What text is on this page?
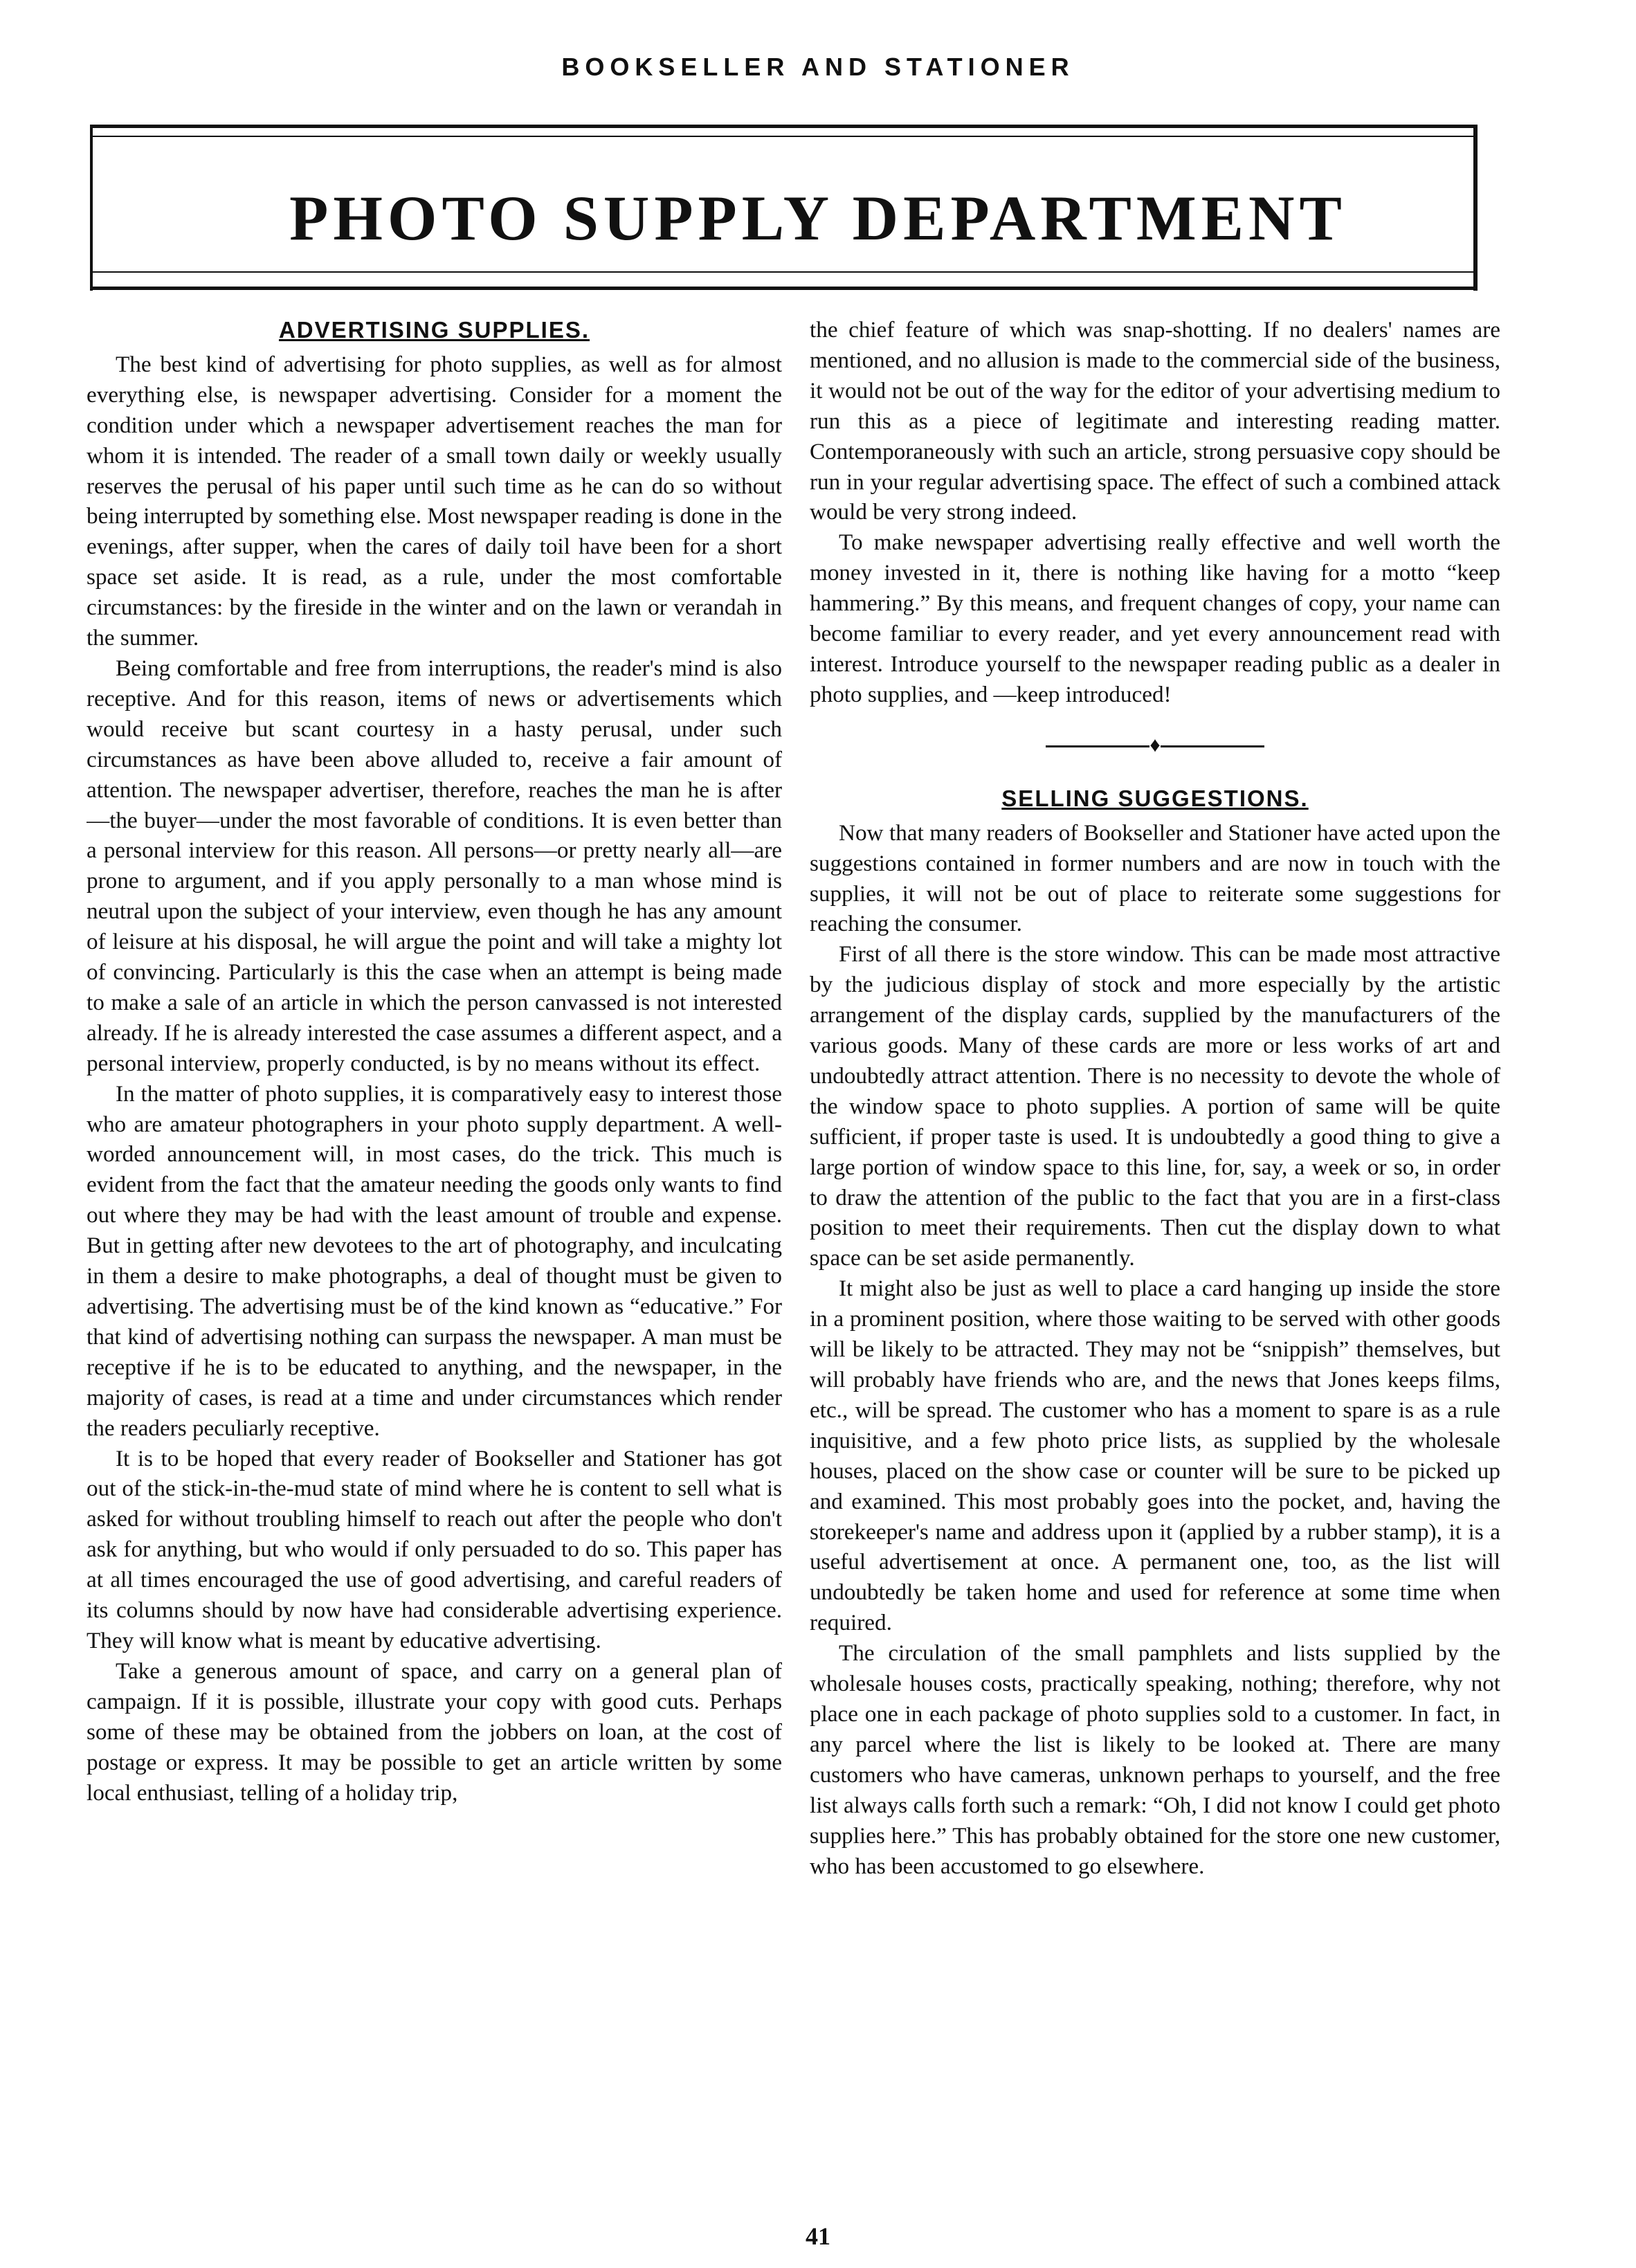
BOOKSELLER AND STATIONER
PHOTO SUPPLY DEPARTMENT
ADVERTISING SUPPLIES.

The best kind of advertising for photo supplies, as well as for almost everything else, is newspaper advertising. Consider for a moment the condition under which a newspaper advertisement reaches the man for whom it is intended. The reader of a small town daily or weekly usually reserves the perusal of his paper until such time as he can do so without being interrupted by something else. Most newspaper reading is done in the evenings, after supper, when the cares of daily toil have been for a short space set aside. It is read, as a rule, under the most comfortable circumstances: by the fireside in the winter and on the lawn or verandah in the summer.

Being comfortable and free from interruptions, the reader's mind is also receptive. And for this reason, items of news or advertisements which would receive but scant courtesy in a hasty perusal, under such circumstances as have been above alluded to, receive a fair amount of attention. The newspaper advertiser, therefore, reaches the man he is after—the buyer—under the most favorable of conditions. It is even better than a personal interview for this reason. All persons—or pretty nearly all—are prone to argument, and if you apply personally to a man whose mind is neutral upon the subject of your interview, even though he has any amount of leisure at his disposal, he will argue the point and will take a mighty lot of convincing. Particularly is this the case when an attempt is being made to make a sale of an article in which the person canvassed is not interested already. If he is already interested the case assumes a different aspect, and a personal interview, properly conducted, is by no means without its effect.

In the matter of photo supplies, it is comparatively easy to interest those who are amateur photographers in your photo supply department. A well-worded announcement will, in most cases, do the trick. This much is evident from the fact that the amateur needing the goods only wants to find out where they may be had with the least amount of trouble and expense. But in getting after new devotees to the art of photography, and inculcating in them a desire to make photographs, a deal of thought must be given to advertising. The advertising must be of the kind known as “educative.” For that kind of advertising nothing can surpass the newspaper. A man must be receptive if he is to be educated to anything, and the newspaper, in the majority of cases, is read at a time and under circumstances which render the readers peculiarly receptive.

It is to be hoped that every reader of Bookseller and Stationer has got out of the stick-in-the-mud state of mind where he is content to sell what is asked for without troubling himself to reach out after the people who don't ask for anything, but who would if only persuaded to do so. This paper has at all times encouraged the use of good advertising, and careful readers of its columns should by now have had considerable advertising experience. They will know what is meant by educative advertising.

Take a generous amount of space, and carry on a general plan of campaign. If it is possible, illustrate your copy with good cuts. Perhaps some of these may be obtained from the jobbers on loan, at the cost of postage or express. It may be possible to get an article written by some local enthusiast, telling of a holiday trip,

the chief feature of which was snap-shotting. If no dealers' names are mentioned, and no allusion is made to the commercial side of the business, it would not be out of the way for the editor of your advertising medium to run this as a piece of legitimate and interesting reading matter. Contemporaneously with such an article, strong persuasive copy should be run in your regular advertising space. The effect of such a combined attack would be very strong indeed.

To make newspaper advertising really effective and well worth the money invested in it, there is nothing like having for a motto “keep hammering.” By this means, and frequent changes of copy, your name can become familiar to every reader, and yet every announcement read with interest. Introduce yourself to the newspaper reading public as a dealer in photo supplies, and —keep introduced!

♦
SELLING SUGGESTIONS.

Now that many readers of Bookseller and Stationer have acted upon the suggestions contained in former numbers and are now in touch with the supplies, it will not be out of place to reiterate some suggestions for reaching the consumer.

First of all there is the store window. This can be made most attractive by the judicious display of stock and more especially by the artistic arrangement of the display cards, supplied by the manufacturers of the various goods. Many of these cards are more or less works of art and undoubtedly attract attention. There is no necessity to devote the whole of the window space to photo supplies. A portion of same will be quite sufficient, if proper taste is used. It is undoubtedly a good thing to give a large portion of window space to this line, for, say, a week or so, in order to draw the attention of the public to the fact that you are in a first-class position to meet their requirements. Then cut the display down to what space can be set aside permanently.

It might also be just as well to place a card hanging up inside the store in a prominent position, where those waiting to be served with other goods will be likely to be attracted. They may not be “snippish” themselves, but will probably have friends who are, and the news that Jones keeps films, etc., will be spread. The customer who has a moment to spare is as a rule inquisitive, and a few photo price lists, as supplied by the wholesale houses, placed on the show case or counter will be sure to be picked up and examined. This most probably goes into the pocket, and, having the storekeeper's name and address upon it (applied by a rubber stamp), it is a useful advertisement at once. A permanent one, too, as the list will undoubtedly be taken home and used for reference at some time when required.

The circulation of the small pamphlets and lists supplied by the wholesale houses costs, practically speaking, nothing; therefore, why not place one in each package of photo supplies sold to a customer. In fact, in any parcel where the list is likely to be looked at. There are many customers who have cameras, unknown perhaps to yourself, and the free list always calls forth such a remark: “Oh, I did not know I could get photo supplies here.” This has probably obtained for the store one new customer, who has been accustomed to go elsewhere.

41
